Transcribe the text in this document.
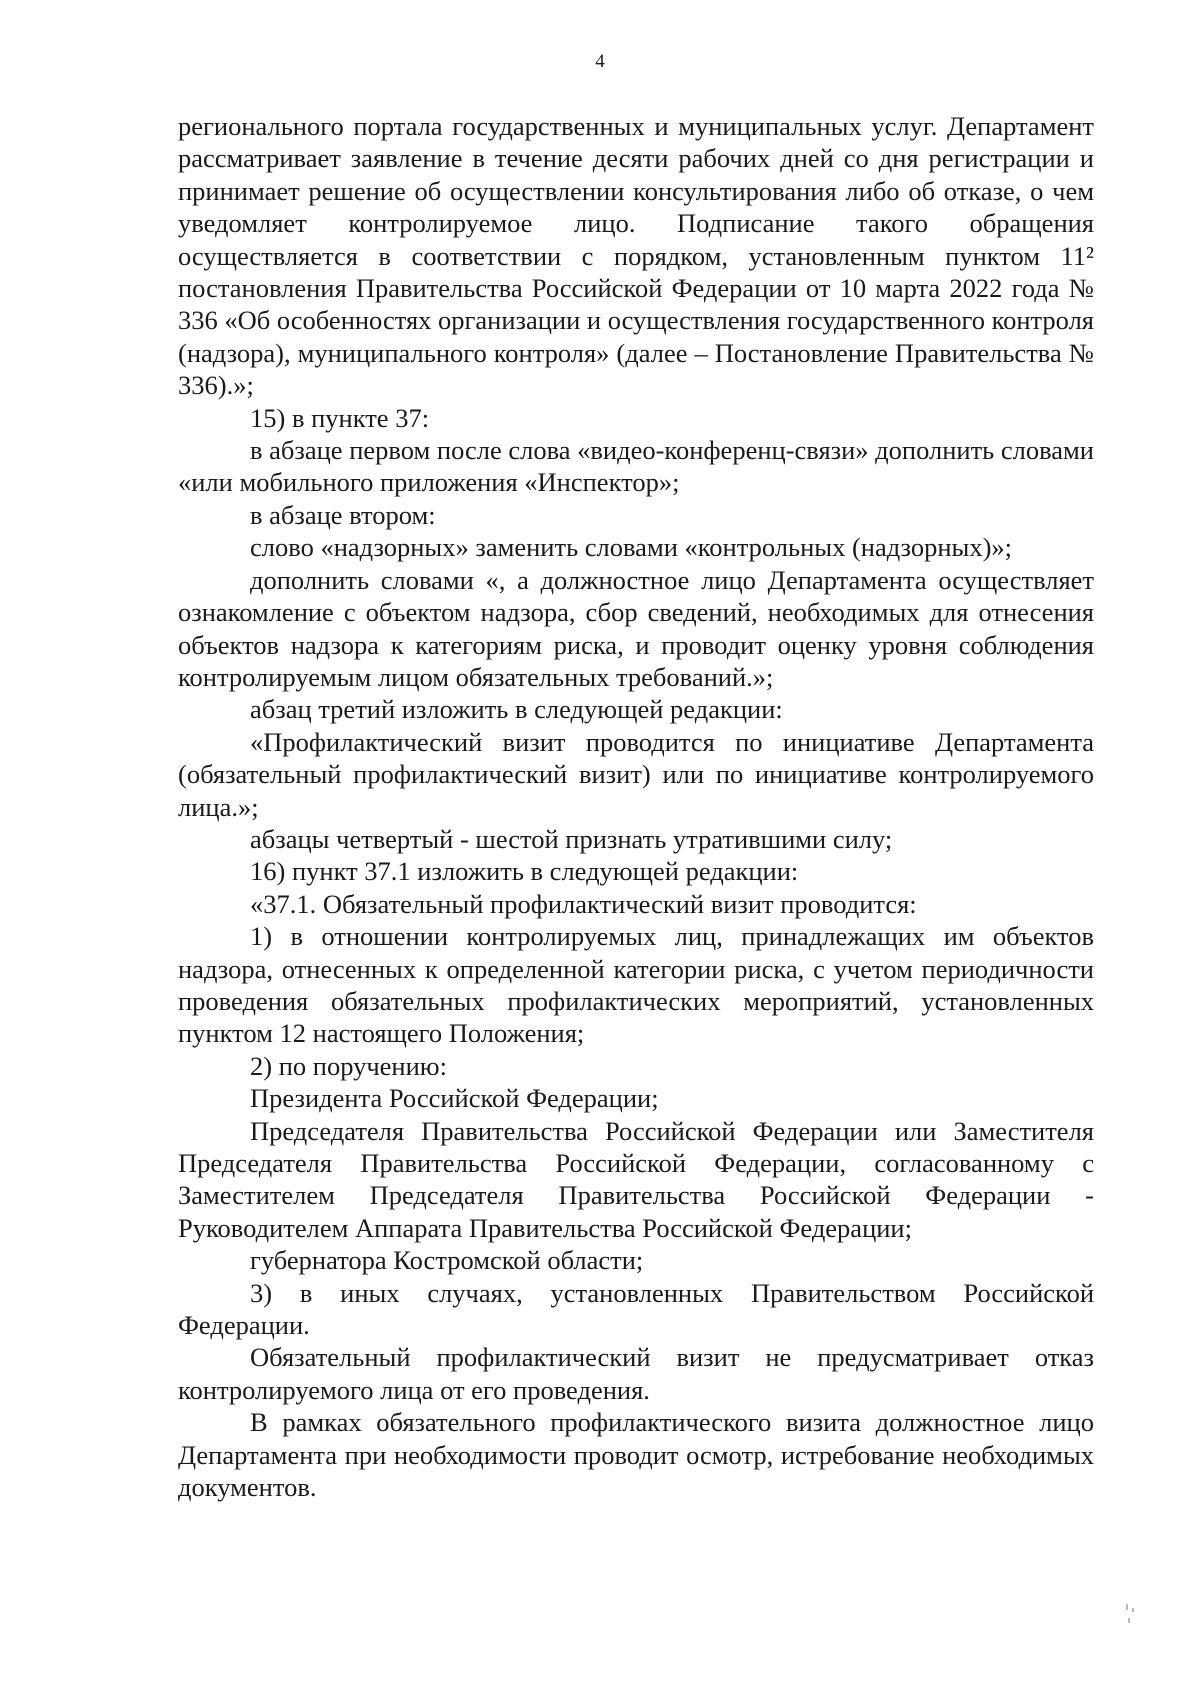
4

регионального портала государственных и муниципальных услуг. Департамент рассматривает заявление в течение десяти рабочих дней со дня регистрации и принимает решение об осуществлении консультирования либо об отказе, о чем уведомляет контролируемое лицо. Подписание такого обращения осуществляется в соответствии с порядком, установленным пунктом 11² постановления Правительства Российской Федерации от 10 марта 2022 года № 336 «Об особенностях организации и осуществления государственного контроля (надзора), муниципального контроля» (далее – Постановление Правительства № 336).»;

15) в пункте 37:

в абзаце первом после слова «видео-конференц-связи» дополнить словами «или мобильного приложения «Инспектор»;

в абзаце втором:

слово «надзорных» заменить словами «контрольных (надзорных)»;

дополнить словами «, а должностное лицо Департамента осуществляет ознакомление с объектом надзора, сбор сведений, необходимых для отнесения объектов надзора к категориям риска, и проводит оценку уровня соблюдения контролируемым лицом обязательных требований.»;

абзац третий изложить в следующей редакции:

«Профилактический визит проводится по инициативе Департамента (обязательный профилактический визит) или по инициативе контролируемого лица.»;

абзацы четвертый - шестой признать утратившими силу;

16) пункт 37.1 изложить в следующей редакции:

«37.1. Обязательный профилактический визит проводится:

1) в отношении контролируемых лиц, принадлежащих им объектов надзора, отнесенных к определенной категории риска, с учетом периодичности проведения обязательных профилактических мероприятий, установленных пунктом 12 настоящего Положения;

2) по поручению:

Президента Российской Федерации;

Председателя Правительства Российской Федерации или Заместителя Председателя Правительства Российской Федерации, согласованному с Заместителем Председателя Правительства Российской Федерации - Руководителем Аппарата Правительства Российской Федерации;

губернатора Костромской области;

3) в иных случаях, установленных Правительством Российской Федерации.

Обязательный профилактический визит не предусматривает отказ контролируемого лица от его проведения.

В рамках обязательного профилактического визита должностное лицо Департамента при необходимости проводит осмотр, истребование необходимых документов.
